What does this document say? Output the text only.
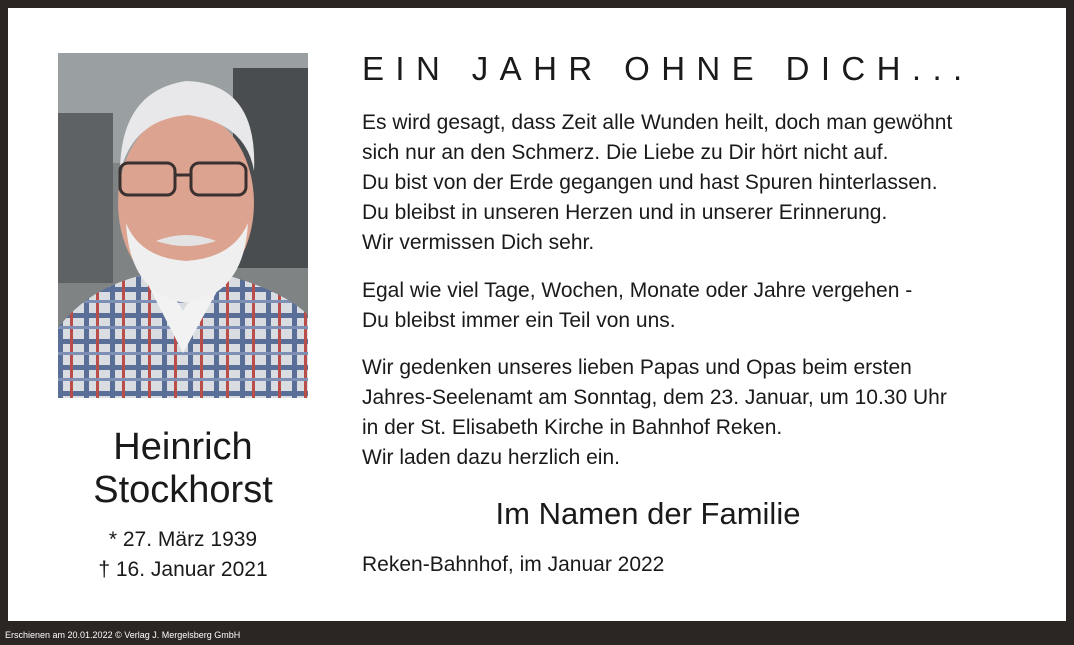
Heinrich
Stockhorst
* 27. März 1939
† 16. Januar 2021
EIN JAHR OHNE DICH...
Es wird gesagt, dass Zeit alle Wunden heilt, doch man gewöhnt
sich nur an den Schmerz. Die Liebe zu Dir hört nicht auf.
Du bist von der Erde gegangen und hast Spuren hinterlassen.
Du bleibst in unseren Herzen und in unserer Erinnerung.
Wir vermissen Dich sehr.
Egal wie viel Tage, Wochen, Monate oder Jahre vergehen -
Du bleibst immer ein Teil von uns.
Wir gedenken unseres lieben Papas und Opas beim ersten
Jahres-Seelenamt am Sonntag, dem 23. Januar, um 10.30 Uhr
in der St. Elisabeth Kirche in Bahnhof Reken.
Wir laden dazu herzlich ein.
Im Namen der Familie
Reken-Bahnhof, im Januar 2022
Erschienen am 20.01.2022 © Verlag J. Mergelsberg GmbH
